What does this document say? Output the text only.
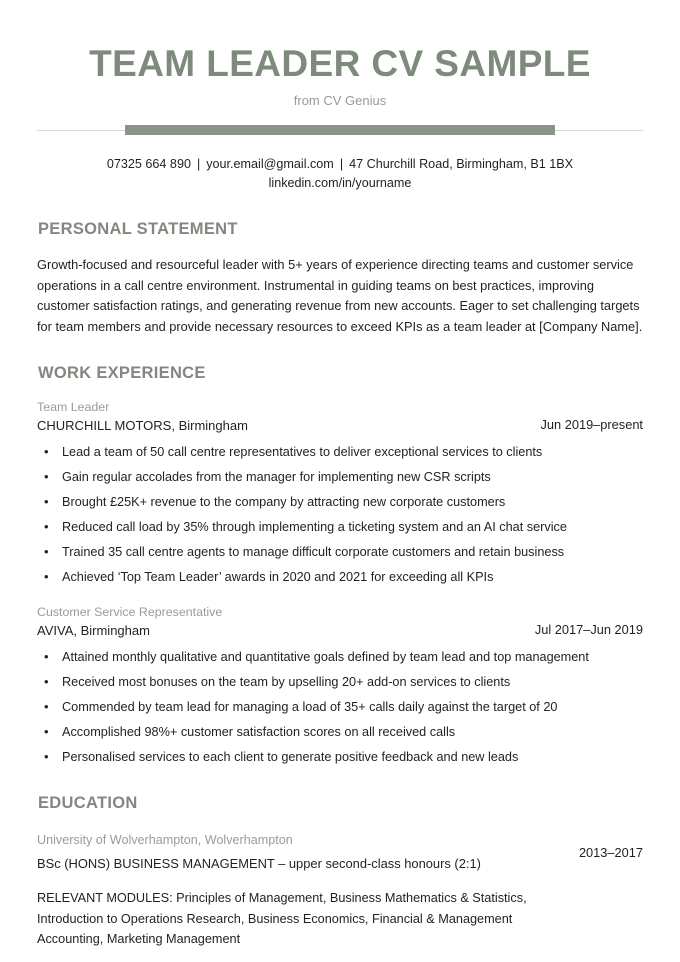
TEAM LEADER CV SAMPLE
from CV Genius
07325 664 890 | your.email@gmail.com | 47 Churchill Road, Birmingham, B1 1BX
linkedin.com/in/yourname
PERSONAL STATEMENT

Growth-focused and resourceful leader with 5+ years of experience directing teams and customer service operations in a call centre environment. Instrumental in guiding teams on best practices, improving customer satisfaction ratings, and generating revenue from new accounts. Eager to set challenging targets for team members and provide necessary resources to exceed KPIs as a team leader at [Company Name].

WORK EXPERIENCE
Team Leader
CHURCHILL MOTORS, Birmingham	Jun 2019–present
• Lead a team of 50 call centre representatives to deliver exceptional services to clients
• Gain regular accolades from the manager for implementing new CSR scripts
• Brought £25K+ revenue to the company by attracting new corporate customers
• Reduced call load by 35% through implementing a ticketing system and an AI chat service
• Trained 35 call centre agents to manage difficult corporate customers and retain business
• Achieved ‘Top Team Leader’ awards in 2020 and 2021 for exceeding all KPIs
Customer Service Representative
AVIVA, Birmingham	Jul 2017–Jun 2019
• Attained monthly qualitative and quantitative goals defined by team lead and top management
• Received most bonuses on the team by upselling 20+ add-on services to clients
• Commended by team lead for managing a load of 35+ calls daily against the target of 20
• Accomplished 98%+ customer satisfaction scores on all received calls
• Personalised services to each client to generate positive feedback and new leads
EDUCATION
University of Wolverhampton, Wolverhampton
BSc (HONS) BUSINESS MANAGEMENT – upper second-class honours (2:1)
2013–2017
RELEVANT MODULES: Principles of Management, Business Mathematics & Statistics, Introduction to Operations Research, Business Economics, Financial & Management Accounting, Marketing Management
